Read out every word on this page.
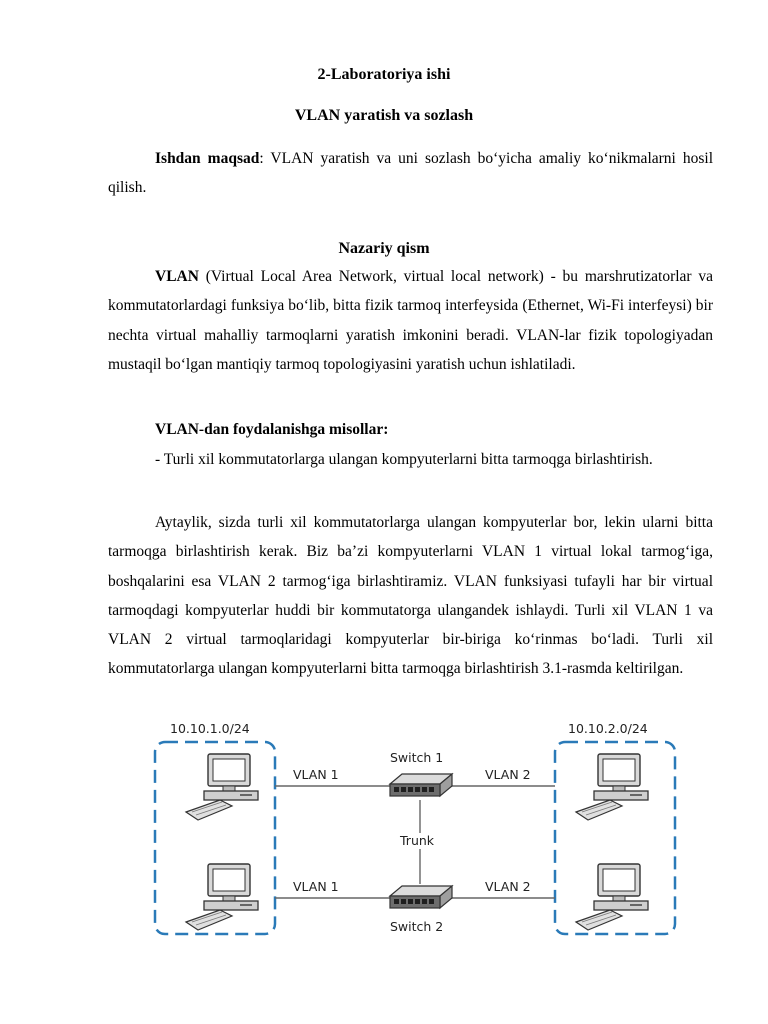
2-Laboratoriya ishi
VLAN yaratish va sozlash
Ishdan maqsad: VLAN yaratish va uni sozlash bo‘yicha amaliy ko‘nikmalarni hosil qilish.
Nazariy qism
VLAN (Virtual Local Area Network, virtual local network) - bu marshrutizatorlar va kommutatorlardagi funksiya bo‘lib, bitta fizik tarmoq interfeysida (Ethernet, Wi-Fi interfeysi) bir nechta virtual mahalliy tarmoqlarni yaratish imkonini beradi. VLAN-lar fizik topologiyadan mustaqil bo‘lgan mantiqiy tarmoq topologiyasini yaratish uchun ishlatiladi.
VLAN-dan foydalanishga misollar:
- Turli xil kommutatorlarga ulangan kompyuterlarni bitta tarmoqga birlashtirish.
Aytaylik, sizda turli xil kommutatorlarga ulangan kompyuterlar bor, lekin ularni bitta tarmoqga birlashtirish kerak. Biz ba’zi kompyuterlarni VLAN 1 virtual lokal tarmog‘iga, boshqalarini esa VLAN 2 tarmog‘iga birlashtiramiz. VLAN funksiyasi tufayli har bir virtual tarmoqdagi kompyuterlar huddi bir kommutatorga ulangandek ishlaydi. Turli xil VLAN 1 va VLAN 2 virtual tarmoqlaridagi kompyuterlar bir-biriga ko‘rinmas bo‘ladi. Turli xil kommutatorlarga ulangan kompyuterlarni bitta tarmoqga birlashtirish 3.1-rasmda keltirilgan.
10.10.1.0/24	10.10.2.0/24
VLAN 1	VLAN 2
VLAN 1	VLAN 2
Trunk
Switch 1
Switch 2
